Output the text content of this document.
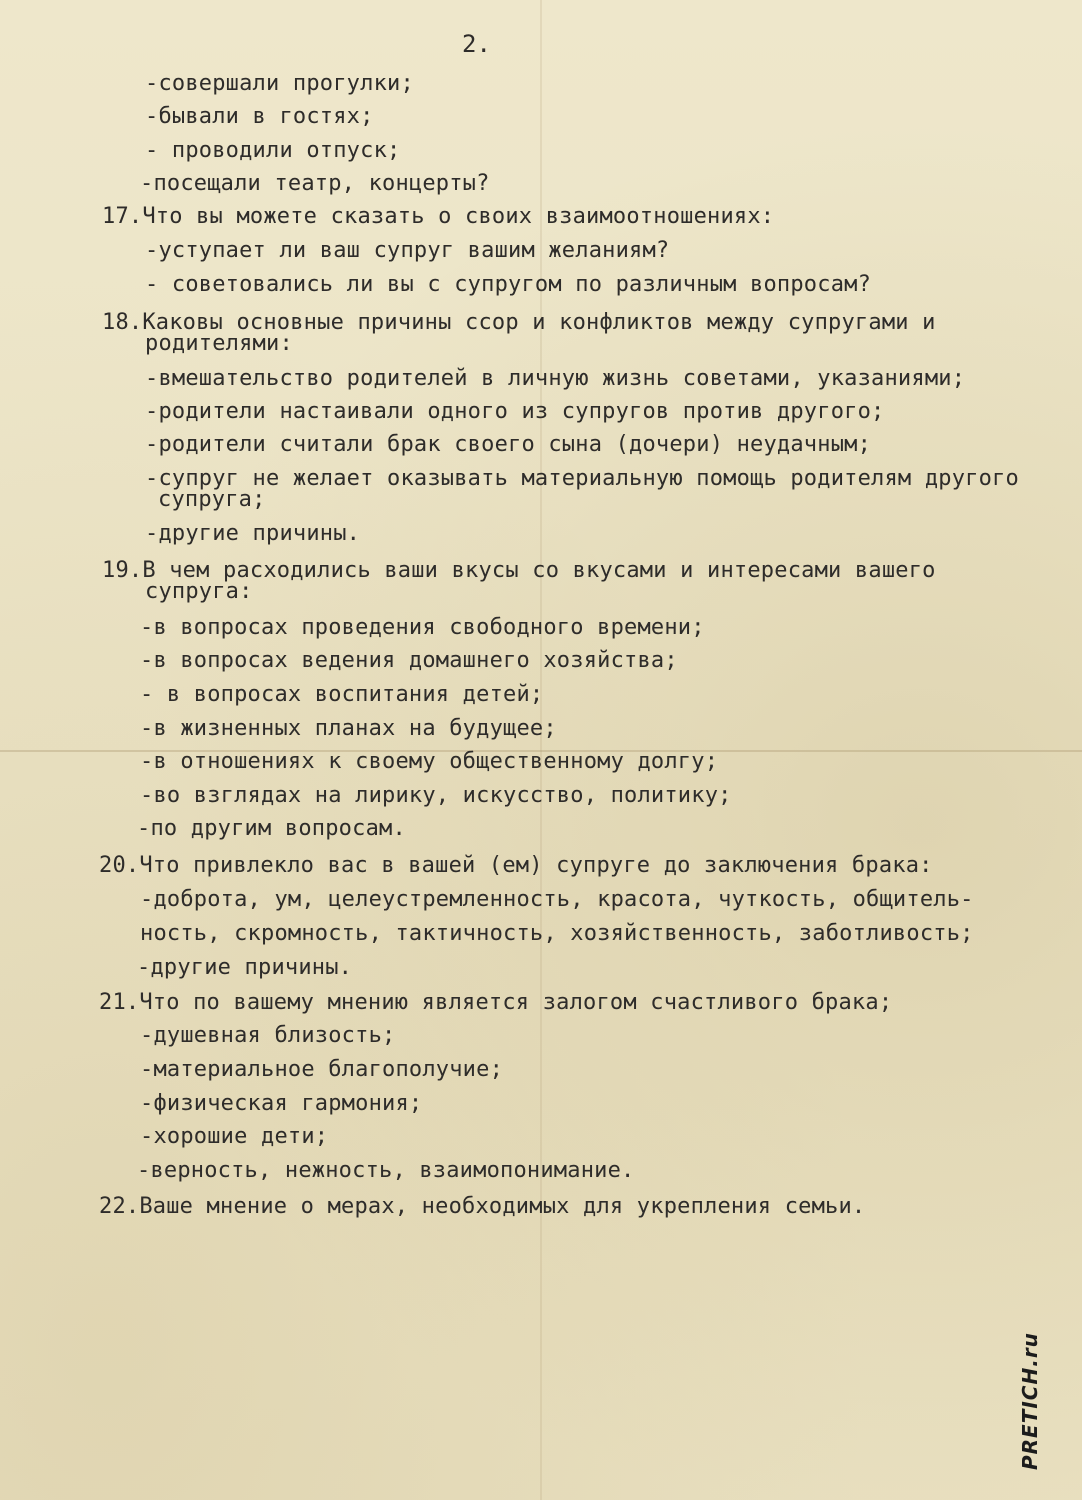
2.

-совершали прогулки;

-бывали в гостях;

- проводили отпуск;

-посещали театр, концерты?

17.Что вы можете сказать о своих взаимоотношениях:

-уступает ли ваш супруг вашим желаниям?

- советовались ли вы с супругом по различным вопросам?

18.Каковы основные причины ссор и конфликтов между супругами и

родителями:

-вмешательство родителей в личную жизнь советами, указаниями;

-родители настаивали одного из супругов против другого;

-родители считали брак своего сына (дочери) неудачным;

-супруг не желает оказывать материальную помощь родителям другого

супруга;

-другие причины.

19.В чем расходились ваши вкусы со вкусами и интересами вашего

супруга:

-в вопросах проведения свободного времени;

-в вопросах ведения домашнего хозяйства;

- в вопросах воспитания детей;

-в жизненных планах на будущее;

-в отношениях к своему общественному долгу;

-во взглядах на лирику, искусство, политику;

-по другим вопросам.

20.Что привлекло вас в вашей (ем) супруге до заключения брака:

-доброта, ум, целеустремленность, красота, чуткость, общитель-

ность, скромность, тактичность, хозяйственность, заботливость;

-другие причины.

21.Что по вашему мнению является залогом счастливого брака;

-душевная близость;

-материальное благополучие;

-физическая гармония;

-хорошие дети;

-верность, нежность, взаимопонимание.

22.Ваше мнение о мерах, необходимых для укрепления семьи.

PRETICH.ru
